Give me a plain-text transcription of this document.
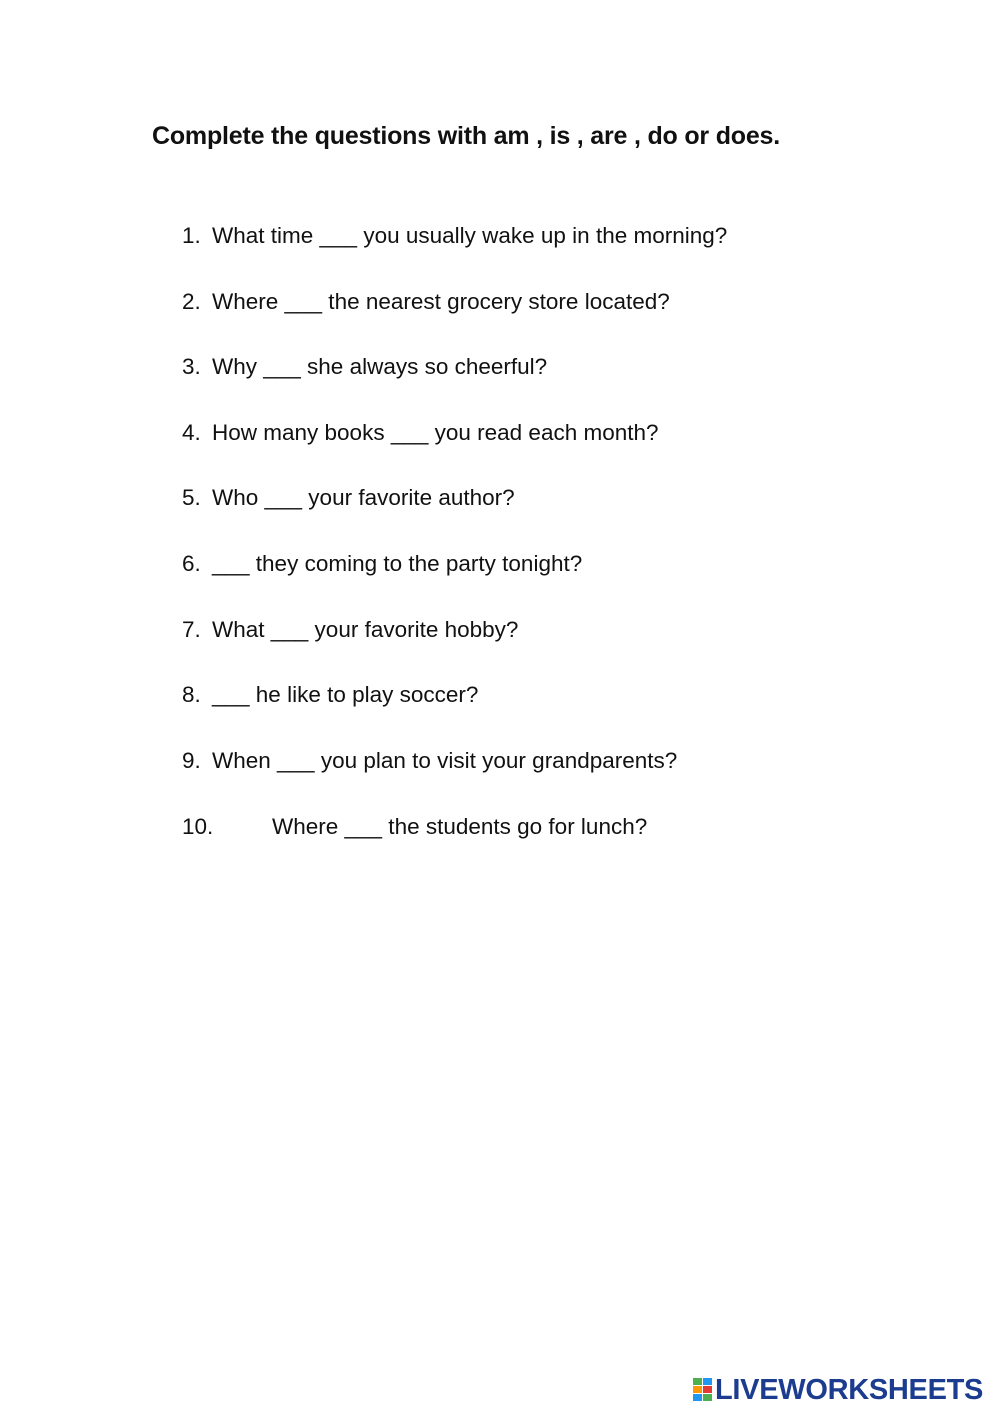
Complete the questions with am , is , are , do or does.
1. What time ___ you usually wake up in the morning?
2. Where ___ the nearest grocery store located?
3. Why ___ she always so cheerful?
4. How many books ___ you read each month?
5. Who ___ your favorite author?
6. ___ they coming to the party tonight?
7. What ___ your favorite hobby?
8. ___ he like to play soccer?
9. When ___ you plan to visit your grandparents?
10.	Where ___ the students go for lunch?
LIVEWORKSHEETS
